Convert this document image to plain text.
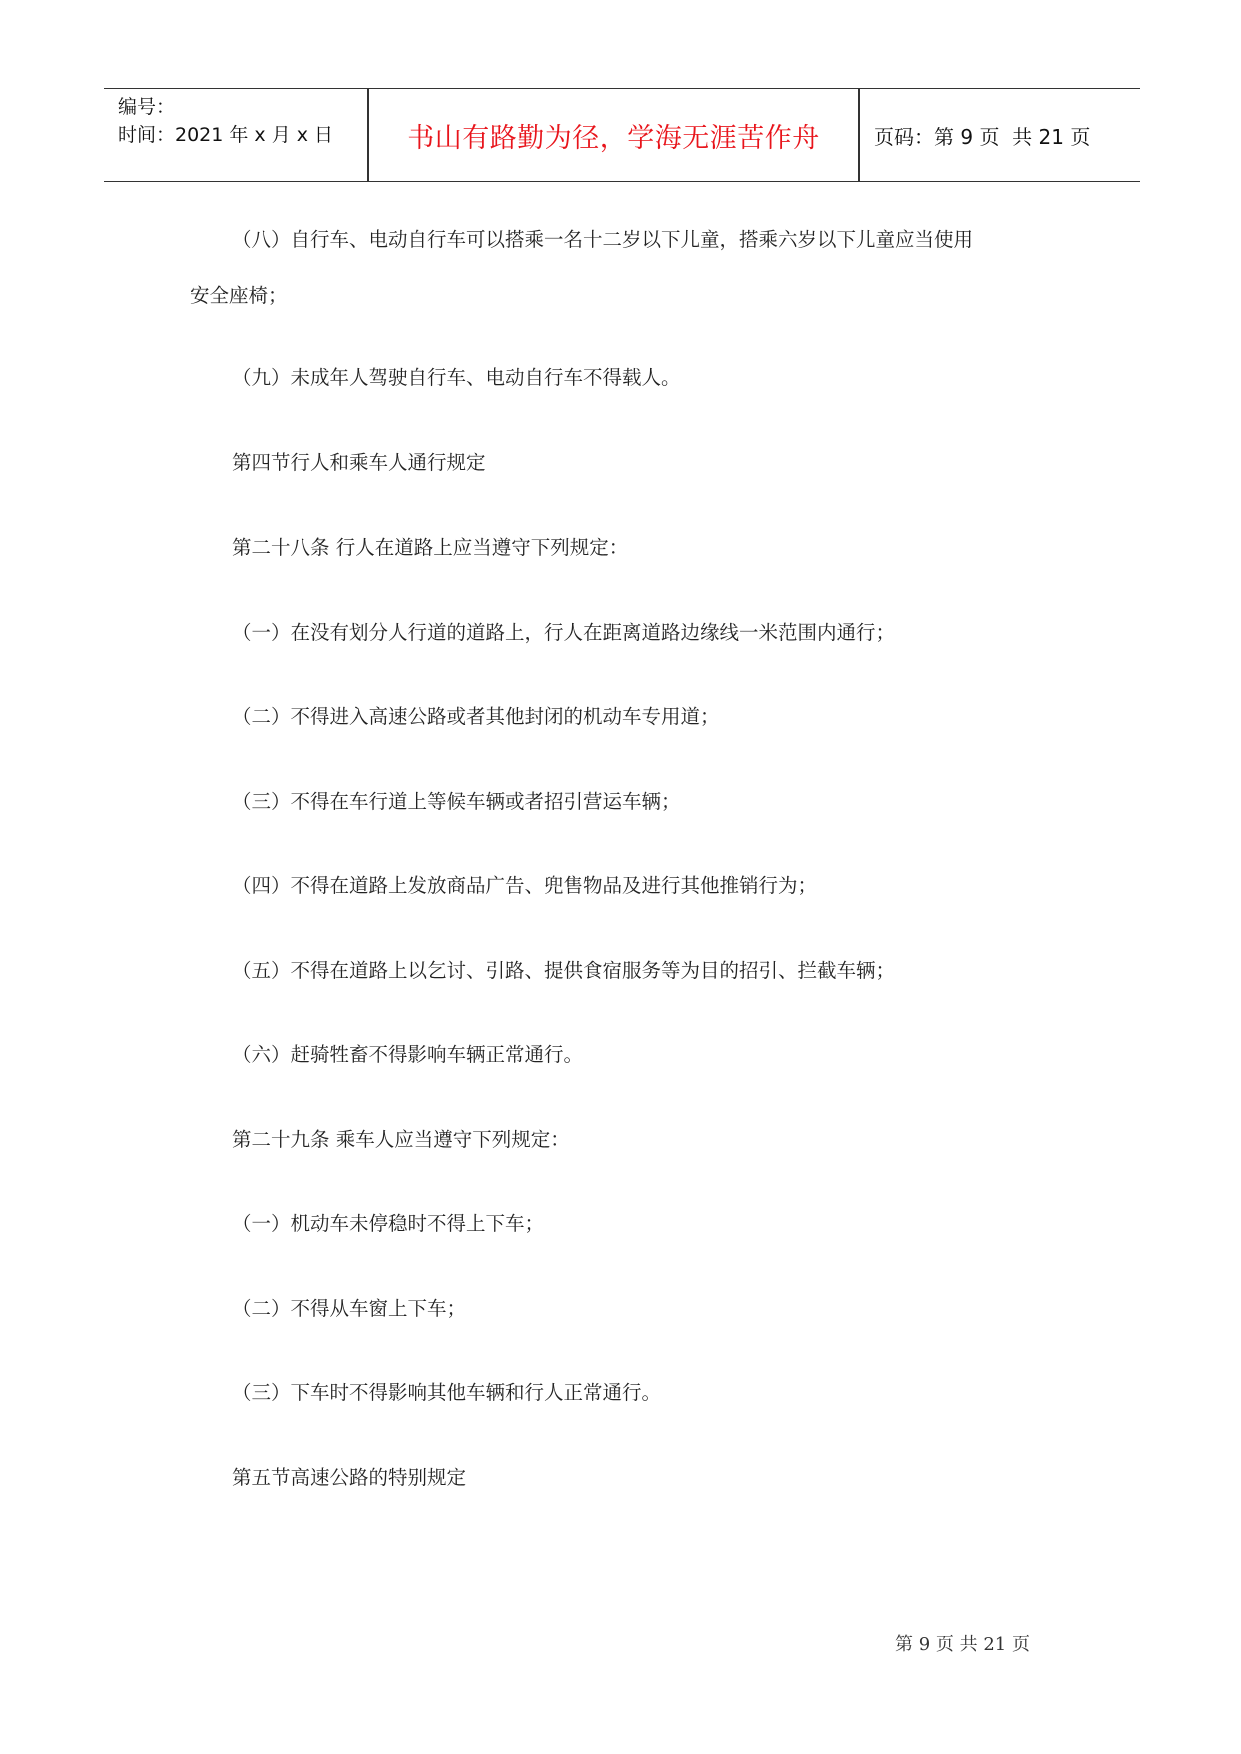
编号：
时间：2021 年 x 月 x 日	书山有路勤为径，学海无涯苦作舟	页码：第 9 页  共 21 页
（八）自行车、电动自行车可以搭乘一名十二岁以下儿童，搭乘六岁以下儿童应当使用
安全座椅；
（九）未成年人驾驶自行车、电动自行车不得载人。
第四节行人和乘车人通行规定
第二十八条 行人在道路上应当遵守下列规定：
（一）在没有划分人行道的道路上，行人在距离道路边缘线一米范围内通行；
（二）不得进入高速公路或者其他封闭的机动车专用道；
（三）不得在车行道上等候车辆或者招引营运车辆；
（四）不得在道路上发放商品广告、兜售物品及进行其他推销行为；
（五）不得在道路上以乞讨、引路、提供食宿服务等为目的招引、拦截车辆；
（六）赶骑牲畜不得影响车辆正常通行。
第二十九条 乘车人应当遵守下列规定：
（一）机动车未停稳时不得上下车；
（二）不得从车窗上下车；
（三）下车时不得影响其他车辆和行人正常通行。
第五节高速公路的特别规定
第 9 页 共 21 页
